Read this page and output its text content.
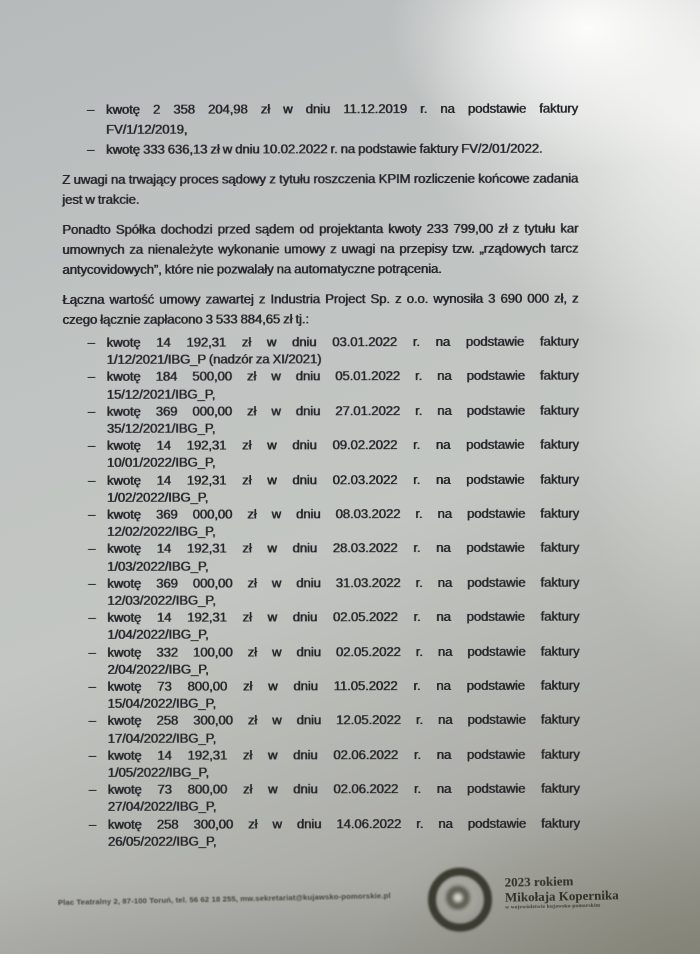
– kwotę 2 358 204,98 zł w dniu 11.12.2019 r. na podstawie faktury
FV/1/12/2019,
– kwotę 333 636,13 zł w dniu 10.02.2022 r. na podstawie faktury FV/2/01/2022.

Z uwagi na trwający proces sądowy z tytułu roszczenia KPIM rozliczenie końcowe zadania jest w trakcie.

Ponadto Spółka dochodzi przed sądem od projektanta kwoty 233 799,00 zł z tytułu kar umownych za nienależyte wykonanie umowy z uwagi na przepisy tzw. „rządowych tarcz antycovidowych”, które nie pozwalały na automatyczne potrącenia.

Łączna wartość umowy zawartej z Industria Project Sp. z o.o. wynosiła 3 690 000 zł, z czego łącznie zapłacono 3 533 884,65 zł tj.:

– kwotę 14 192,31 zł w dniu 03.01.2022 r. na podstawie faktury
1/12/2021/IBG_P (nadzór za XI/2021)
– kwotę 184 500,00 zł w dniu 05.01.2022 r. na podstawie faktury
15/12/2021/IBG_P,
– kwotę 369 000,00 zł w dniu 27.01.2022 r. na podstawie faktury
35/12/2021/IBG_P,
– kwotę 14 192,31 zł w dniu 09.02.2022 r. na podstawie faktury
10/01/2022/IBG_P,
– kwotę 14 192,31 zł w dniu 02.03.2022 r. na podstawie faktury
1/02/2022/IBG_P,
– kwotę 369 000,00 zł w dniu 08.03.2022 r. na podstawie faktury
12/02/2022/IBG_P,
– kwotę 14 192,31 zł w dniu 28.03.2022 r. na podstawie faktury
1/03/2022/IBG_P,
– kwotę 369 000,00 zł w dniu 31.03.2022 r. na podstawie faktury
12/03/2022/IBG_P,
– kwotę 14 192,31 zł w dniu 02.05.2022 r. na podstawie faktury
1/04/2022/IBG_P,
– kwotę 332 100,00 zł w dniu 02.05.2022 r. na podstawie faktury
2/04/2022/IBG_P,
– kwotę 73 800,00 zł w dniu 11.05.2022 r. na podstawie faktury
15/04/2022/IBG_P,
– kwotę 258 300,00 zł w dniu 12.05.2022 r. na podstawie faktury
17/04/2022/IBG_P,
– kwotę 14 192,31 zł w dniu 02.06.2022 r. na podstawie faktury
1/05/2022/IBG_P,
– kwotę 73 800,00 zł w dniu 02.06.2022 r. na podstawie faktury
27/04/2022/IBG_P,
– kwotę 258 300,00 zł w dniu 14.06.2022 r. na podstawie faktury
26/05/2022/IBG_P,
Plac Teatralny 2, 87-100 Toruń, tel. 56 62 18 255, mw.sekretariat@kujawsko-pomorskie.pl
2023 rokiem
Mikołaja Kopernika
w województwie kujawsko-pomorskim
